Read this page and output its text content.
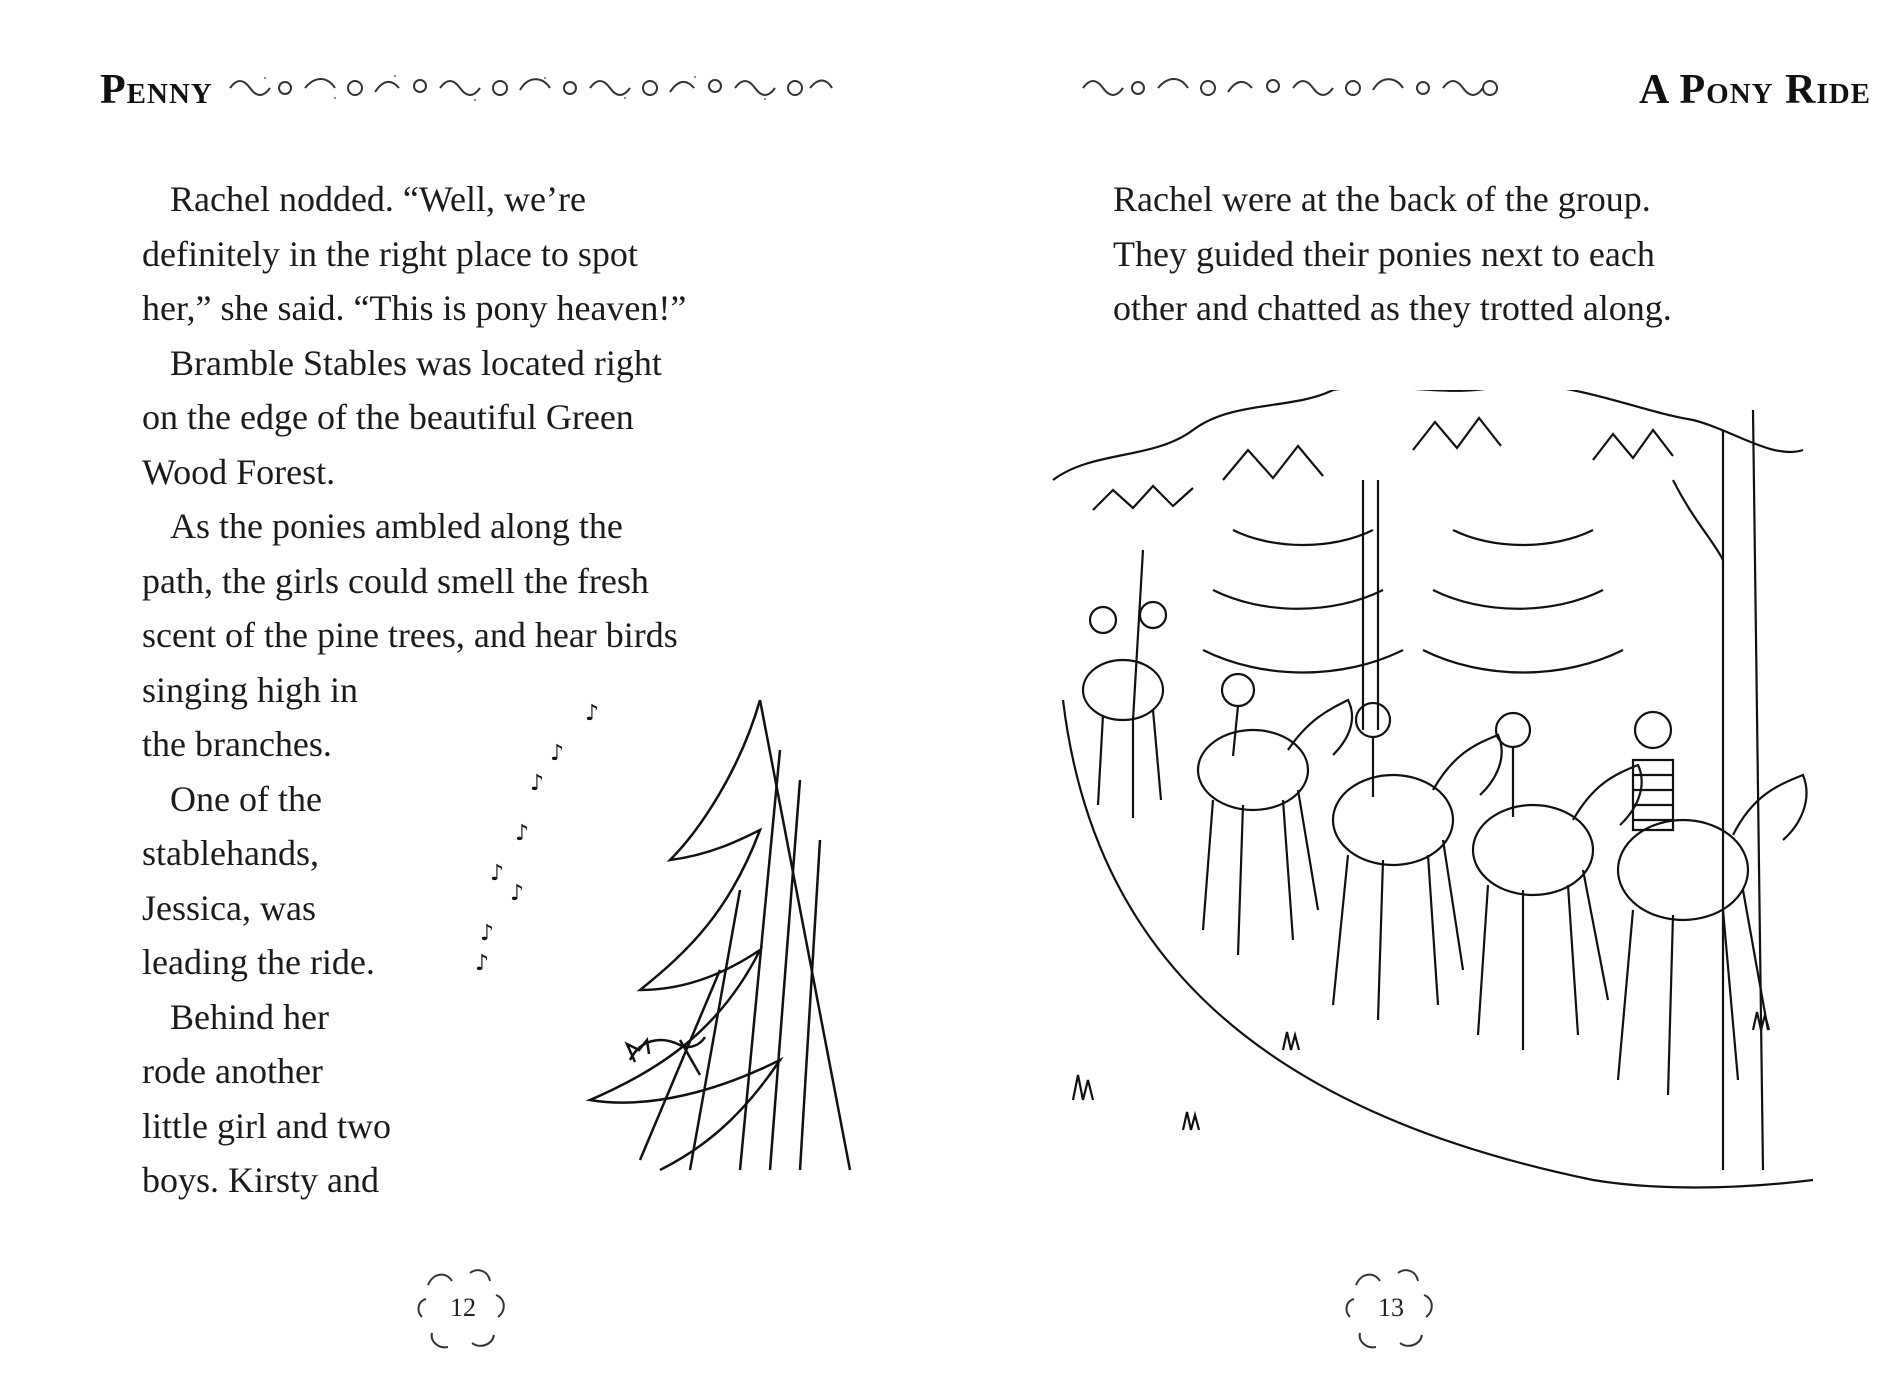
Penny
Rachel nodded. “Well, we’re
definitely in the right place to spot
her,” she said. “This is pony heaven!”
Bramble Stables was located right
on the edge of the beautiful Green
Wood Forest.
As the ponies ambled along the
path, the girls could smell the fresh
scent of the pine trees, and hear birds
singing high in
the branches.
One of the
stablehands,
Jessica, was
leading the ride.
Behind her
rode another
little girl and two
boys. Kirsty and
♪
♪
♪
♪
♪
♪
♪
♪
12
A Pony Ride
Rachel were at the back of the group.
They guided their ponies next to each
other and chatted as they trotted along.
13
